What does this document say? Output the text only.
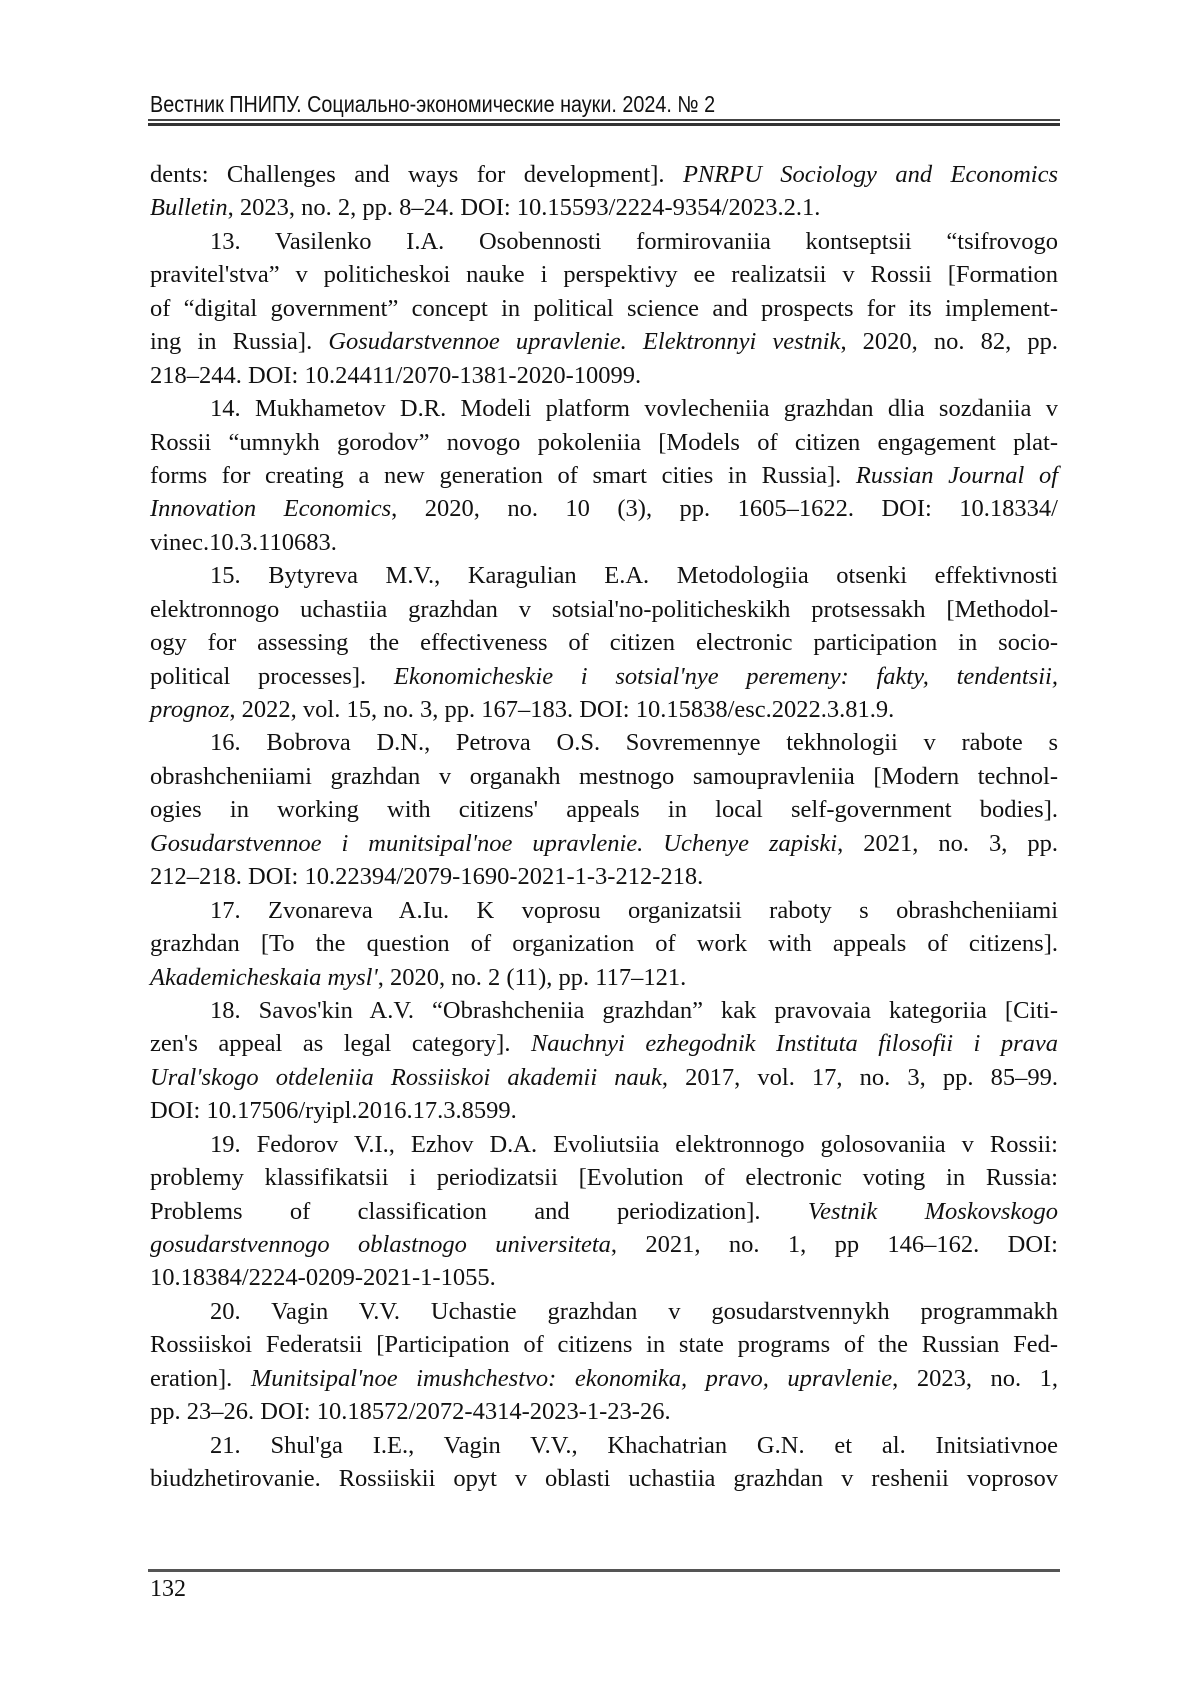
Вестник ПНИПУ. Социально-экономические науки. 2024. № 2
dents: Challenges and ways for development]. PNRPU Sociology and Economics
Bulletin, 2023, no. 2, pp. 8–24. DOI: 10.15593/2224-9354/2023.2.1.
13. Vasilenko I.A. Osobennosti formirovaniia kontseptsii “tsifrovogo
pravitel'stva” v politicheskoi nauke i perspektivy ee realizatsii v Rossii [Formation
of “digital government” concept in political science and prospects for its implement-
ing in Russia]. Gosudarstvennoe upravlenie. Elektronnyi vestnik, 2020, no. 82, pp.
218–244. DOI: 10.24411/2070-1381-2020-10099.
14. Mukhametov D.R. Modeli platform vovlecheniia grazhdan dlia sozdaniia v
Rossii “umnykh gorodov” novogo pokoleniia [Models of citizen engagement plat-
forms for creating a new generation of smart cities in Russia]. Russian Journal of
Innovation Economics, 2020, no. 10 (3), pp. 1605–1622. DOI: 10.18334/
vinec.10.3.110683.
15. Bytyreva M.V., Karagulian E.A. Metodologiia otsenki effektivnosti
elektronnogo uchastiia grazhdan v sotsial'no-politicheskikh protsessakh [Methodol-
ogy for assessing the effectiveness of citizen electronic participation in socio-
political processes]. Ekonomicheskie i sotsial'nye peremeny: fakty, tendentsii,
prognoz, 2022, vol. 15, no. 3, pp. 167–183. DOI: 10.15838/esc.2022.3.81.9.
16. Bobrova D.N., Petrova O.S. Sovremennye tekhnologii v rabote s
obrashcheniiami grazhdan v organakh mestnogo samoupravleniia [Modern technol-
ogies in working with citizens' appeals in local self-government bodies].
Gosudarstvennoe i munitsipal'noe upravlenie. Uchenye zapiski, 2021, no. 3, pp.
212–218. DOI: 10.22394/2079-1690-2021-1-3-212-218.
17. Zvonareva A.Iu. K voprosu organizatsii raboty s obrashcheniiami
grazhdan [To the question of organization of work with appeals of citizens].
Akademicheskaia mysl', 2020, no. 2 (11), pp. 117–121.
18. Savos'kin A.V. “Obrashcheniia grazhdan” kak pravovaia kategoriia [Citi-
zen's appeal as legal category]. Nauchnyi ezhegodnik Instituta filosofii i prava
Ural'skogo otdeleniia Rossiiskoi akademii nauk, 2017, vol. 17, no. 3, pp. 85–99.
DOI: 10.17506/ryipl.2016.17.3.8599.
19. Fedorov V.I., Ezhov D.A. Evoliutsiia elektronnogo golosovaniia v Rossii:
problemy klassifikatsii i periodizatsii [Evolution of electronic voting in Russia:
Problems of classification and periodization]. Vestnik Moskovskogo
gosudarstvennogo oblastnogo universiteta, 2021, no. 1, pp 146–162. DOI:
10.18384/2224-0209-2021-1-1055.
20. Vagin V.V. Uchastie grazhdan v gosudarstvennykh programmakh
Rossiiskoi Federatsii [Participation of citizens in state programs of the Russian Fed-
eration]. Munitsipal'noe imushchestvo: ekonomika, pravo, upravlenie, 2023, no. 1,
pp. 23–26. DOI: 10.18572/2072-4314-2023-1-23-26.
21. Shul'ga I.E., Vagin V.V., Khachatrian G.N. et al. Initsiativnoe
biudzhetirovanie. Rossiiskii opyt v oblasti uchastiia grazhdan v reshenii voprosov
132
